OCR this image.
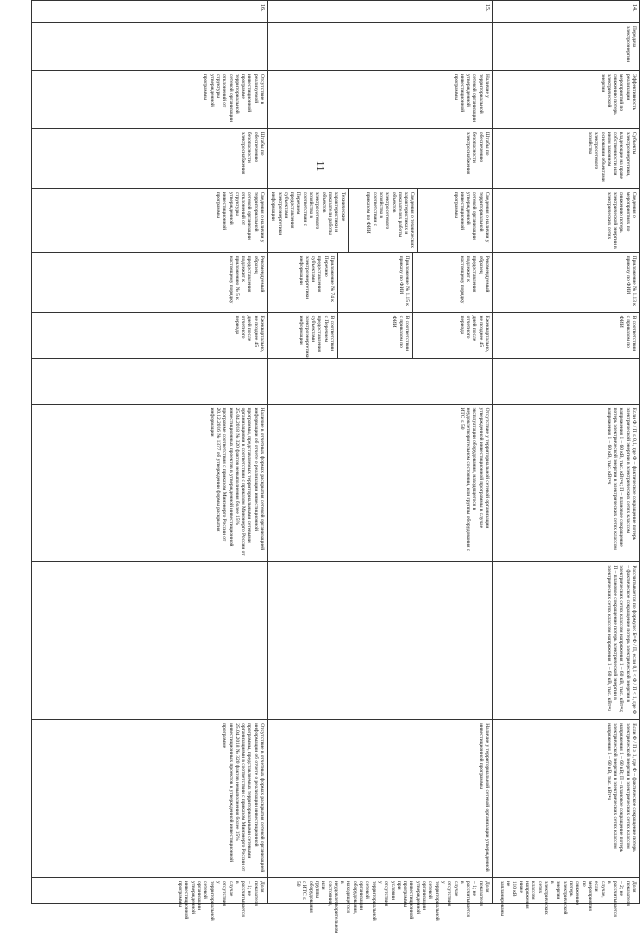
11
14.
Передача электроэнергии
Эффективность реализации мероприятий по снижению потерь электрической энергии
Субъекты электроэнергетики, владеющие на праве собственности или ином законном основании объектами электросетевого хозяйства
Сведения о мероприятиях по снижению потерь электрической энергии в электрических сетях
Приложение № 1.13 к приказу по ФИИ
В соответствии с приказом по ФИИ
Если Ф / П ≤ 0,1, где Ф – фактическое сокращение потерь электрической энергии в электрических сетях классом напряжения 1 – 60 кВ, тыс. кВт•ч; П – плановое сокращение потерь электрической энергии в электрических сетях классом напряжения 1 – 60 кВ, тыс. кВт•ч
Рассчитывается по формуле: Б=Ф / П, если 0,1 < Ф / П < 1, где Ф – фактическое сокращение потерь электрической энергии в электрических сетях классом напряжения 1 – 60 кВ, тыс. кВт•ч; П – плановое сокращение потерь электрической энергии в электрических сетях классом напряжения 1 – 60 кВ, тыс. кВт•ч
Если Ф / П ≥ 1, где Ф – фактическое сокращение потерь электрической энергии в электрических сетях классом напряжения 1 – 60 кВ; П – плановое сокращение потерь электрической энергии в электрических сетях классом напряжения 1 – 60 кВ, тыс. кВт•ч
Доля показателя – 2; не рассчитывается в случае, если мероприятия по снижению потерь электрической энергии в электрических сетях классом напряжения ниже 110 кВ не запланированы
15.
Наличие у территориальной сетевой организации утвержденной инвестиционной программы
Штабы по обеспечению безопасности электроснабжения
Сведения о наличии у территориальной сетевой организации утвержденной инвестиционной программы
Сведения о технических характеристиках и показателях работы объектов электросетевого хозяйства в соответствии с приказом по ФИИ
Технические характеристики и показатели работы объектов электросетевого хозяйства в соответствии с Перечнем предоставления субъектами электроэнергетики информации
Рекомендуемый образец предоставления подлежит к настоящему порядку
Приложение № 1.15 к приказу по ФИИ
Приложение № 74 к Перечню предоставления субъектами электроэнергетики информации
Ежеквартально, не позднее 45 дней после отчетного периода
В соответствии с приказом по ФИИ
В соответствии с Перечнем предоставления субъектами электроэнергетики информации
Отсутствие у территориальной сетевой организации утвержденной инвестиционной программы в случае эксплуатации оборудования, находящегося в неудовлетворительном состоянии, или группы оборудования с ИТС ≤ 50
Наличие у территориальной сетевой организации утвержденной инвестиционной программы
Доля показателя – 1; не рассчитывается в случае отсутствия у территориальной сетевой организации утвержденной инвестиционной программы при условии отсутствия у территориальной сетевой организации оборудования, находящегося в неудовлетворительном состоянии, или группы оборудования с ИТС ≤ 50
16.
Отсутствие в реализуемой инвестиционной программе территориальной сетевой организации отклонений от структуры утвержденной программы
Штабы по обеспечению безопасности электроснабжения
Сведения о наличии у территориальной сетевой организации отклонений от структуры утвержденной инвестиционной программы
Рекомендуемый образец предоставления подлежит к приложению № 5 к настоящему порядку
Ежеквартально, не позднее 45 дней после отчетного периода
Наличие в отчетных формах раскрытия сетевой организацией информации об отчете о реализации инвестиционной программы, представляемых территориальными сетевыми организациями в соответствии с приказом Минэнерго России от 25.04.2018 № 320 фактов невыполнения более 15% инвестиционных проектов в утвержденной инвестиционной программе соответствия с приказом Минэнерго России от 20.12.2016 № 1377 об утверждении формы раскрытия информации
Отсутствие в отчетных формах раскрытия сетевой организацией информации об отчете о реализации инвестиционной программы, представляемых территориальными сетевыми организациями в соответствии с приказом Минэнерго России от 25.04.2018 № 320 фактов невыполнения более 15% инвестиционных проектов в утвержденной инвестиционной программе
Доля показателя – 1; не рассчитывается в случае отсутствия у территориальной сетевой организации утвержденной инвестиционной программы
